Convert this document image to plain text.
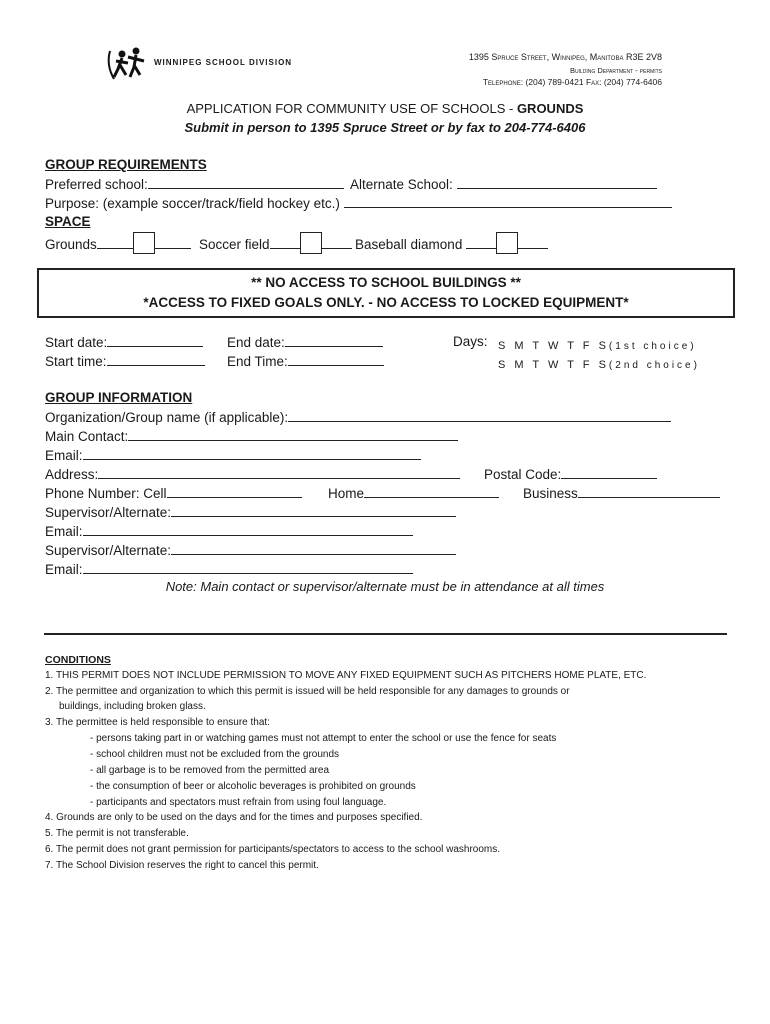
WINNIPEG SCHOOL DIVISION
1395 Spruce Street, Winnipeg, Manitoba R3E 2V8
Building Department - permits
Telephone: (204) 789-0421 Fax: (204) 774-6406
APPLICATION FOR COMMUNITY USE OF SCHOOLS - GROUNDS
Submit in person to 1395 Spruce Street or by fax to 204-774-6406
GROUP REQUIREMENTS
Preferred school:	Alternate School:
Purpose: (example soccer/track/field hockey etc.)
SPACE
Grounds	Soccer field	Baseball diamond
** NO ACCESS TO SCHOOL BUILDINGS **
*ACCESS TO FIXED GOALS ONLY. - NO ACCESS TO LOCKED EQUIPMENT*
Start date:	End date:
Start time:	End Time:
Days: S M T W T F S(1st choice)
S M T W T F S(2nd choice)
GROUP INFORMATION
Organization/Group name (if applicable):
Main Contact:
Email:
Address:	Postal Code:
Phone Number: Cell	Home	Business
Supervisor/Alternate:
Email:
Supervisor/Alternate:
Email:
Note: Main contact or supervisor/alternate must be in attendance at all times
CONDITIONS
1. THIS PERMIT DOES NOT INCLUDE PERMISSION TO MOVE ANY FIXED EQUIPMENT SUCH AS PITCHERS HOME PLATE, ETC.
2. The permittee and organization to which this permit is issued will be held responsible for any damages to grounds or
buildings, including broken glass.
3. The permittee is held responsible to ensure that:
- persons taking part in or watching games must not attempt to enter the school or use the fence for seats
- school children must not be excluded from the grounds
- all garbage is to be removed from the permitted area
- the consumption of beer or alcoholic beverages is prohibited on grounds
- participants and spectators must refrain from using foul language.
4. Grounds are only to be used on the days and for the times and purposes specified.
5. The permit is not transferable.
6. The permit does not grant permission for participants/spectators to access to the school washrooms.
7. The School Division reserves the right to cancel this permit.
